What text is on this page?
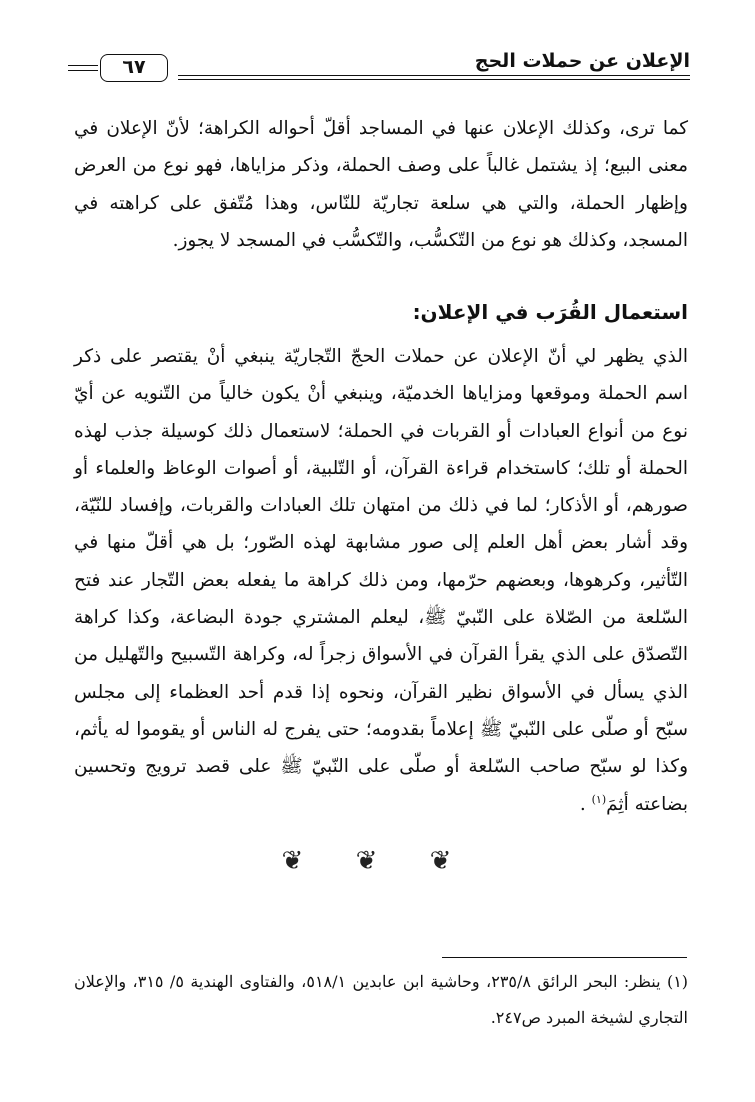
٦٧	الإعلان عن حملات الحج

كما ترى، وكذلك الإعلان عنها في المساجد أقلّ أحواله الكراهة؛ لأنّ الإعلان في معنى البيع؛ إذ يشتمل غالباً على وصف الحملة، وذكر مزاياها، فهو نوع من العرض وإظهار الحملة، والتي هي سلعة تجاريّة للنّاس، وهذا مُتّفق على كراهته في المسجد، وكذلك هو نوع من التّكسُّب، والتّكسُّب في المسجد لا يجوز.

استعمال القُرَب في الإعلان:

الذي يظهر لي أنّ الإعلان عن حملات الحجّ التّجاريّة ينبغي أنْ يقتصر على ذكر اسم الحملة وموقعها ومزاياها الخدميّة، وينبغي أنْ يكون خالياً من التّنويه عن أيّ نوع من أنواع العبادات أو القربات في الحملة؛ لاستعمال ذلك كوسيلة جذب لهذه الحملة أو تلك؛ كاستخدام قراءة القرآن، أو التّلبية، أو أصوات الوعاظ والعلماء أو صورهم، أو الأذكار؛ لما في ذلك من امتهان تلك العبادات والقربات، وإفساد للنّيّة، وقد أشار بعض أهل العلم إلى صور مشابهة لهذه الصّور؛ بل هي أقلّ منها في التّأثير، وكرهوها، وبعضهم حرّمها، ومن ذلك كراهة ما يفعله بعض التّجار عند فتح السّلعة من الصّلاة على النّبيّ ﷺ، ليعلم المشتري جودة البضاعة، وكذا كراهة التّصدّق على الذي يقرأ القرآن في الأسواق زجراً له، وكراهة التّسبيح والتّهليل من الذي يسأل في الأسواق نظير القرآن، ونحوه إذا قدم أحد العظماء إلى مجلس سبّح أو صلّى على النّبيّ ﷺ إعلاماً بقدومه؛ حتى يفرج له الناس أو يقوموا له يأثم، وكذا لو سبّح صاحب السّلعة أو صلّى على النّبيّ ﷺ على قصد ترويج وتحسين بضاعته أثِمَ$^{(١)}$ .

❦ ❦ ❦
(١) ينظر: البحر الرائق ٢٣٥/٨، وحاشية ابن عابدين ٥١٨/١، والفتاوى الهندية ٥/ ٣١٥، والإعلان التجاري لشيخة المبرد ص٢٤٧.
